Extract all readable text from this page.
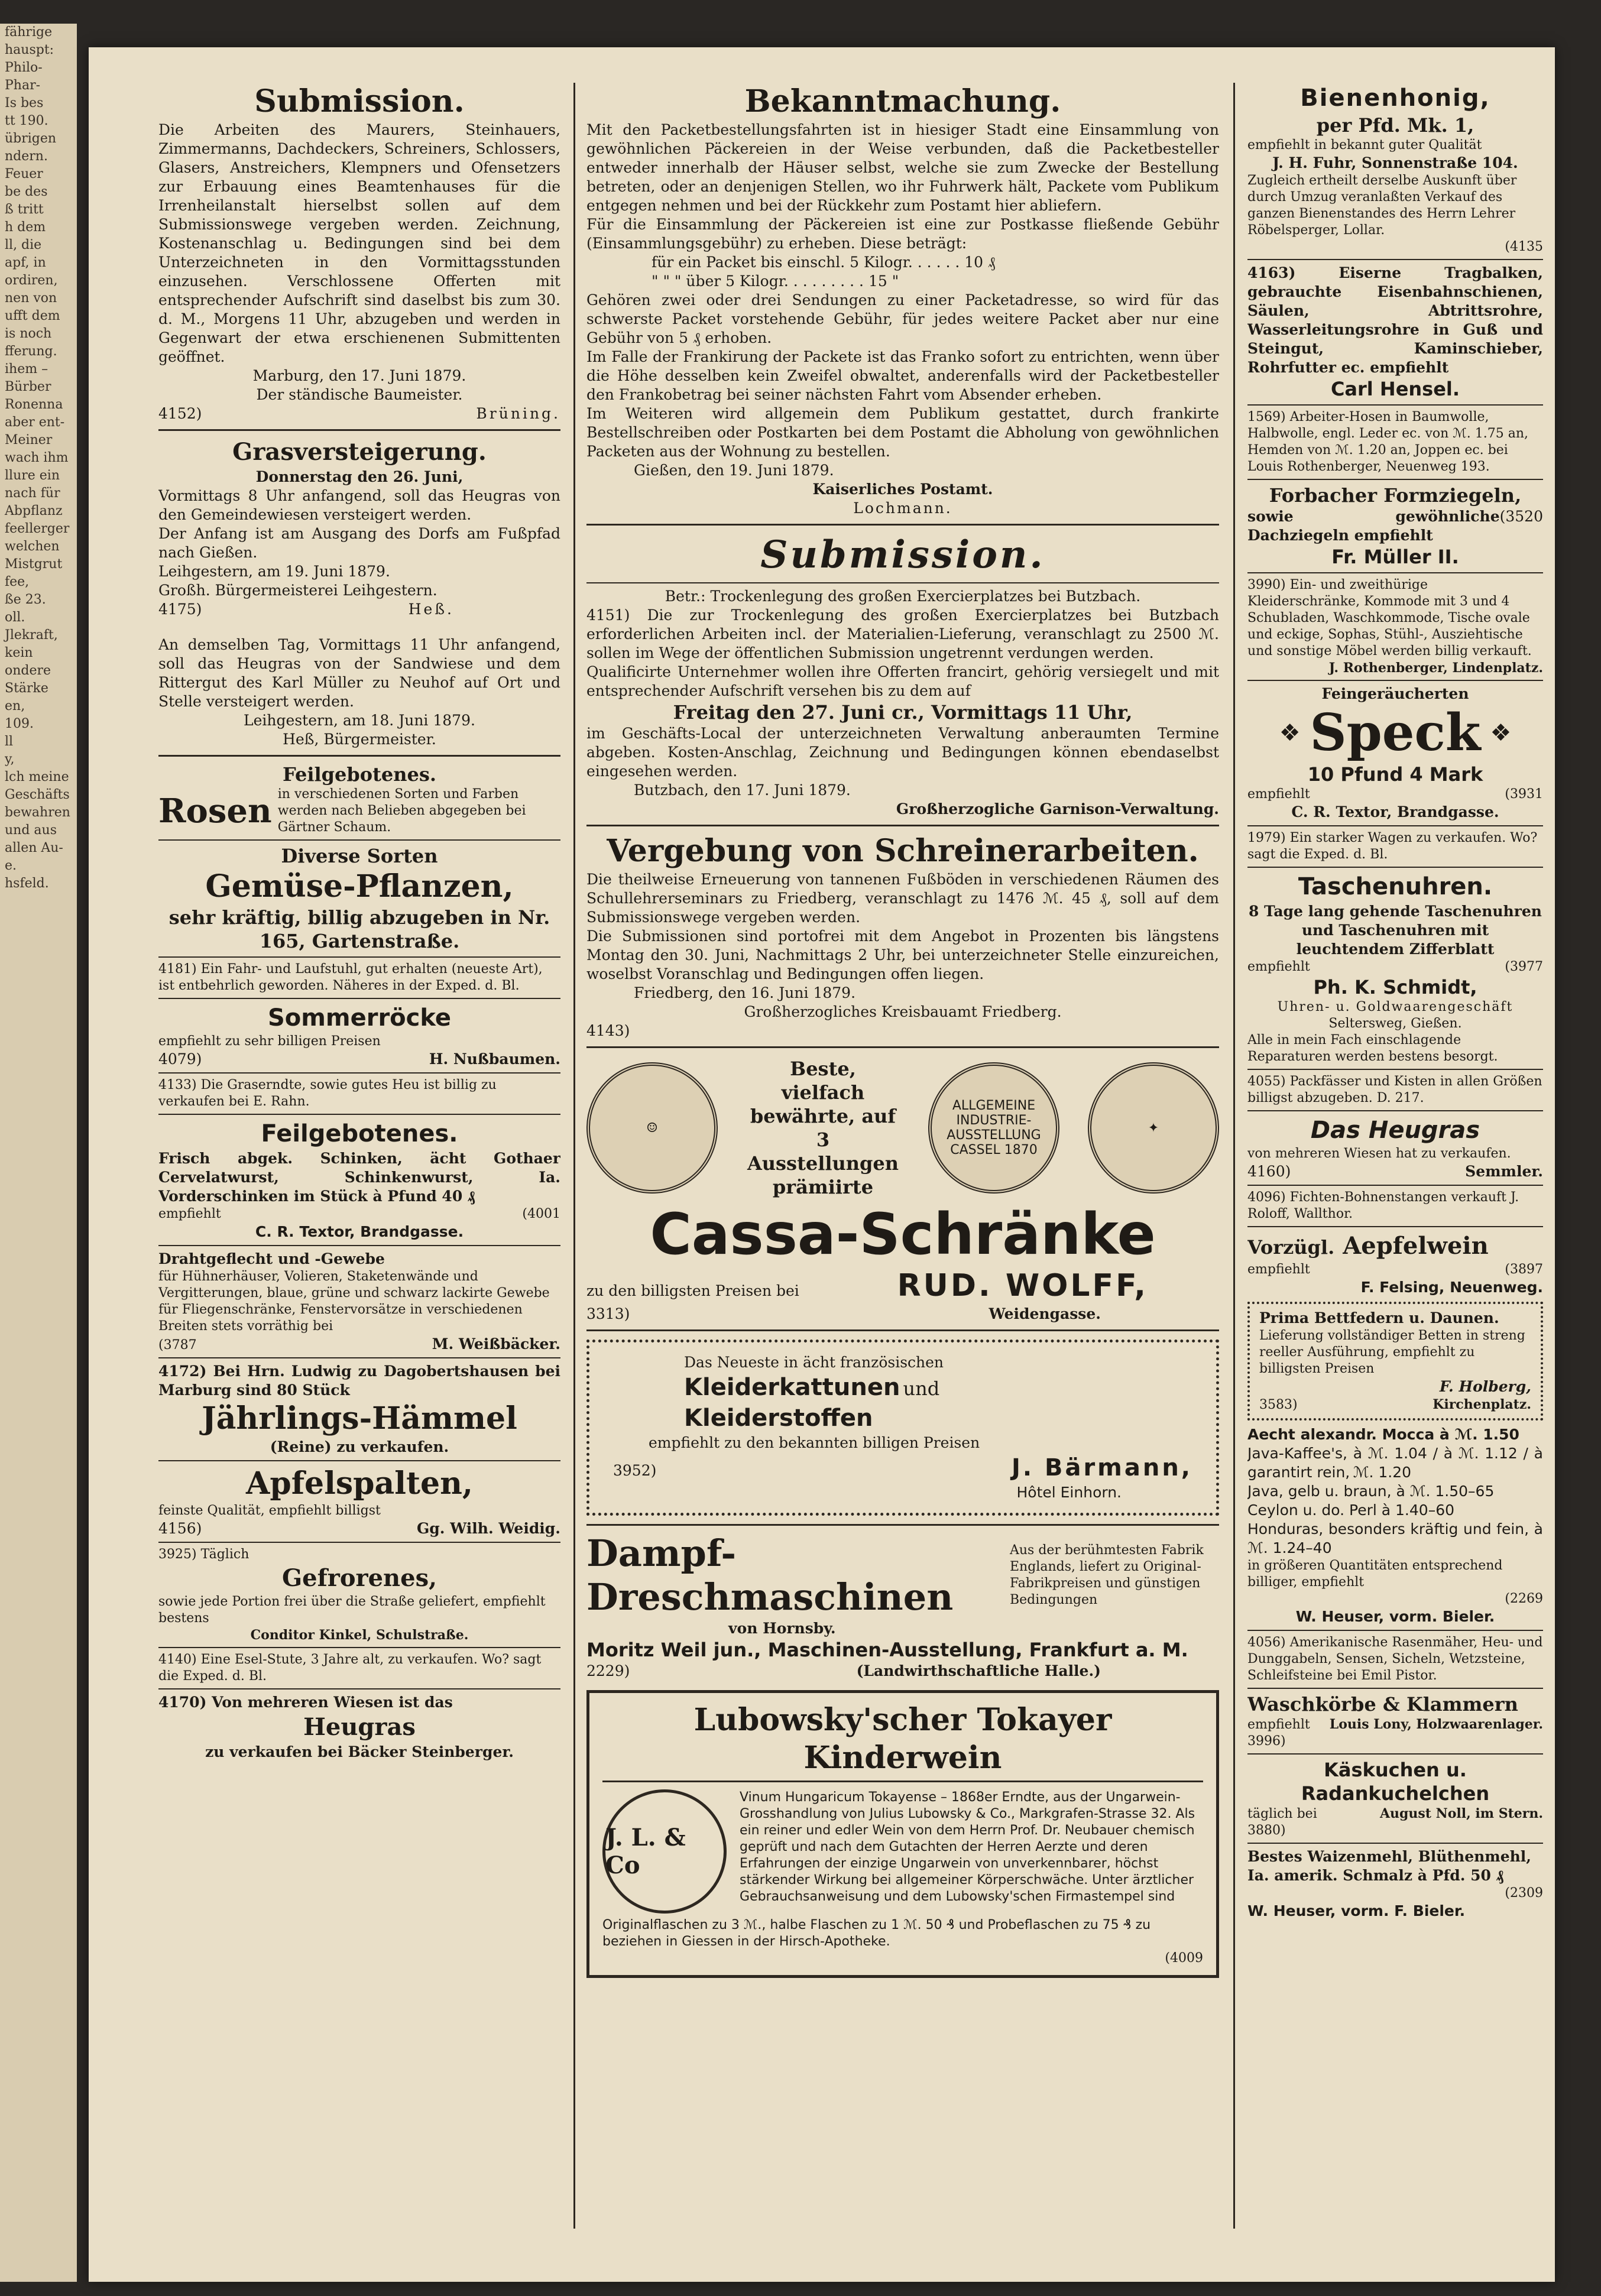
fährige
hauspt:
Philo-
Phar-
Is bes
tt 190.
übrigen
ndern.
Feuer
be des
ß tritt
h dem
ll, die
apf, in
ordiren,
nen von
ufft dem
is noch
fferung.
ihem –
Bürber
Ronenna
aber ent-
Meiner
wach ihm
llure ein
nach für
Abpflanz
feellerger
welchen
Mistgrut
fee,
ße 23.
oll.
Jlekraft,
kein
ondere
Stärke
en,
109.
ll
y,
lch meine
Geschäfts
bewahren
und aus
allen Au-
e.
hsfeld.

Submission.

Die Arbeiten des Maurers, Steinhauers, Zimmermanns, Dachdeckers, Schreiners, Schlossers, Glasers, Anstreichers, Klempners und Ofensetzers zur Erbauung eines Beamtenhauses für die Irrenheilanstalt hierselbst sollen auf dem Submissionswege vergeben werden. Zeichnung, Kostenanschlag u. Bedingungen sind bei dem Unterzeichneten in den Vormittagsstunden einzusehen. Verschlossene Offerten mit entsprechender Aufschrift sind daselbst bis zum 30. d. M., Morgens 11 Uhr, abzugeben und werden in Gegenwart der etwa erschienenen Submittenten geöffnet.

Marburg, den 17. Juni 1879.

Der ständische Baumeister.

4152)	Brüning.

Grasversteigerung.

Donnerstag den 26. Juni,

Vormittags 8 Uhr anfangend, soll das Heugras von den Gemeindewiesen versteigert werden.

Der Anfang ist am Ausgang des Dorfs am Fußpfad nach Gießen.

Leihgestern, am 19. Juni 1879.

Großh. Bürgermeisterei Leihgestern.

4175)	Heß.

An demselben Tag, Vormittags 11 Uhr anfangend, soll das Heugras von der Sandwiese und dem Rittergut des Karl Müller zu Neuhof auf Ort und Stelle versteigert werden.

Leihgestern, am 18. Juni 1879.

Heß, Bürgermeister.

Feilgebotenes.

Rosen in verschiedenen Sorten und Farben werden nach Belieben abgegeben bei Gärtner Schaum.

Diverse Sorten

Gemüse-Pflanzen,

sehr kräftig, billig abzugeben in Nr. 165, Gartenstraße.

4181) Ein Fahr- und Laufstuhl, gut erhalten (neueste Art), ist entbehrlich geworden. Näheres in der Exped. d. Bl.

Sommerröcke

empfiehlt zu sehr billigen Preisen

4079)	H. Nußbaumen.

4133) Die Graserndte, sowie gutes Heu ist billig zu verkaufen bei E. Rahn.

Feilgebotenes.

Frisch abgek. Schinken, ächt Gothaer Cervelatwurst, Schinkenwurst, Ia. Vorderschinken im Stück à Pfund 40 ₰

empfiehlt	(4001

C. R. Textor, Brandgasse.

Drahtgeflecht und -Gewebe

für Hühnerhäuser, Volieren, Staketenwände und Vergitterungen, blaue, grüne und schwarz lackirte Gewebe für Fliegenschränke, Fenstervorsätze in verschiedenen Breiten stets vorräthig bei

(3787	M. Weißbäcker.

4172) Bei Hrn. Ludwig zu Dagobertshausen bei Marburg sind 80 Stück

Jährlings-Hämmel

(Reine) zu verkaufen.

Apfelspalten,

feinste Qualität, empfiehlt billigst

4156)	Gg. Wilh. Weidig.

3925) Täglich

Gefrorenes,

sowie jede Portion frei über die Straße geliefert, empfiehlt bestens

Conditor Kinkel, Schulstraße.

4140) Eine Esel-Stute, 3 Jahre alt, zu verkaufen. Wo? sagt die Exped. d. Bl.

4170) Von mehreren Wiesen ist das

Heugras

zu verkaufen bei Bäcker Steinberger.

Bekanntmachung.

Mit den Packetbestellungsfahrten ist in hiesiger Stadt eine Einsammlung von gewöhnlichen Päckereien in der Weise verbunden, daß die Packetbesteller entweder innerhalb der Häuser selbst, welche sie zum Zwecke der Bestellung betreten, oder an denjenigen Stellen, wo ihr Fuhrwerk hält, Packete vom Publikum entgegen nehmen und bei der Rückkehr zum Postamt hier abliefern.

Für die Einsammlung der Päckereien ist eine zur Postkasse fließende Gebühr (Einsammlungsgebühr) zu erheben. Diese beträgt:

für ein Packet bis einschl. 5 Kilogr. . . . . . 10 ₰

" " " über 5 Kilogr. . . . . . . . . 15 "

Gehören zwei oder drei Sendungen zu einer Packetadresse, so wird für das schwerste Packet vorstehende Gebühr, für jedes weitere Packet aber nur eine Gebühr von 5 ₰ erhoben.

Im Falle der Frankirung der Packete ist das Franko sofort zu entrichten, wenn über die Höhe desselben kein Zweifel obwaltet, anderenfalls wird der Packetbesteller den Frankobetrag bei seiner nächsten Fahrt vom Absender erheben.

Im Weiteren wird allgemein dem Publikum gestattet, durch frankirte Bestellschreiben oder Postkarten bei dem Postamt die Abholung von gewöhnlichen Packeten aus der Wohnung zu bestellen.

Gießen, den 19. Juni 1879.

Kaiserliches Postamt.

Lochmann.

Submission.

Betr.: Trockenlegung des großen Exercierplatzes bei Butzbach.

4151) Die zur Trockenlegung des großen Exercierplatzes bei Butzbach erforderlichen Arbeiten incl. der Materialien-Lieferung, veranschlagt zu 2500 ℳ. sollen im Wege der öffentlichen Submission ungetrennt verdungen werden.

Qualificirte Unternehmer wollen ihre Offerten francirt, gehörig versiegelt und mit entsprechender Aufschrift versehen bis zu dem auf

Freitag den 27. Juni cr., Vormittags 11 Uhr,

im Geschäfts-Local der unterzeichneten Verwaltung anberaumten Termine abgeben. Kosten-Anschlag, Zeichnung und Bedingungen können ebendaselbst eingesehen werden.

Butzbach, den 17. Juni 1879.

Großherzogliche Garnison-Verwaltung.

Vergebung von Schreinerarbeiten.

Die theilweise Erneuerung von tannenen Fußböden in verschiedenen Räumen des Schullehrerseminars zu Friedberg, veranschlagt zu 1476 ℳ. 45 ₰, soll auf dem Submissionswege vergeben werden.

Die Submissionen sind portofrei mit dem Angebot in Prozenten bis längstens Montag den 30. Juni, Nachmittags 2 Uhr, bei unterzeichneter Stelle einzureichen, woselbst Voranschlag und Bedingungen offen liegen.

Friedberg, den 16. Juni 1879.

Großherzogliches Kreisbauamt Friedberg.

4143)

☺

Beste, vielfach bewährte, auf 3 Ausstellungen prämiirte

ALLGEMEINE INDUSTRIE-AUSSTELLUNG CASSEL 1870
✦

Cassa-Schränke

zu den billigsten Preisen bei	RUD. WOLFF,
3313)	Weidengasse.

Das Neueste in ächt französischen

Kleiderkattunen und

Kleiderstoffen

empfiehlt zu den bekannten billigen Preisen

3952)	J. Bärmann,

Hôtel Einhorn.

Dampf-Dreschmaschinen

Aus der berühmtesten Fabrik Englands, liefert zu Original-Fabrikpreisen und günstigen Bedingungen

von Hornsby.

Moritz Weil jun., Maschinen-Ausstellung, Frankfurt a. M.

2229)	(Landwirthschaftliche Halle.)

Lubowsky'scher Tokayer Kinderwein

J. L. & Co

Vinum Hungaricum Tokayense – 1868er Erndte, aus der Ungarwein-Grosshandlung von Julius Lubowsky & Co., Markgrafen-Strasse 32. Als ein reiner und edler Wein von dem Herrn Prof. Dr. Neubauer chemisch geprüft und nach dem Gutachten der Herren Aerzte und deren Erfahrungen der einzige Ungarwein von unverkennbarer, höchst stärkender Wirkung bei allgemeiner Körperschwäche. Unter ärztlicher Gebrauchsanweisung und dem Lubowsky'schen Firmastempel sind

Originalflaschen zu 3 ℳ., halbe Flaschen zu 1 ℳ. 50 ₰ und Probeflaschen zu 75 ₰ zu beziehen in Giessen in der Hirsch-Apotheke.

(4009

Bienenhonig,

per Pfd. Mk. 1,

empfiehlt in bekannt guter Qualität

J. H. Fuhr, Sonnenstraße 104.

Zugleich ertheilt derselbe Auskunft über durch Umzug veranlaßten Verkauf des ganzen Bienenstandes des Herrn Lehrer Röbelsperger, Lollar.

(4135

4163) Eiserne Tragbalken, gebrauchte Eisenbahnschienen, Säulen, Abtrittsrohre, Wasserleitungsrohre in Guß und Steingut, Kaminschieber, Rohrfutter ec. empfiehlt

Carl Hensel.

1569) Arbeiter-Hosen in Baumwolle, Halbwolle, engl. Leder ec. von ℳ. 1.75 an, Hemden von ℳ. 1.20 an, Joppen ec. bei Louis Rothenberger, Neuenweg 193.

Forbacher Formziegeln,

sowie gewöhnliche Dachziegeln empfiehlt
(3520

Fr. Müller II.

3990) Ein- und zweithürige Kleiderschränke, Kommode mit 3 und 4 Schubladen, Waschkommode, Tische ovale und eckige, Sophas, Stühl-, Ausziehtische und sonstige Möbel werden billig verkauft.

J. Rothenberger, Lindenplatz.

Feingeräucherten

❖ Speck ❖

10 Pfund 4 Mark

empfiehlt	(3931

C. R. Textor, Brandgasse.

1979) Ein starker Wagen zu verkaufen. Wo? sagt die Exped. d. Bl.

Taschenuhren.

8 Tage lang gehende Taschenuhren und Taschenuhren mit leuchtendem Zifferblatt

empfiehlt	(3977

Ph. K. Schmidt,

Uhren- u. Goldwaarengeschäft

Seltersweg, Gießen.

Alle in mein Fach einschlagende Reparaturen werden bestens besorgt.

4055) Packfässer und Kisten in allen Größen billigst abzugeben. D. 217.

Das Heugras

von mehreren Wiesen hat zu verkaufen.

4160)	Semmler.

4096) Fichten-Bohnenstangen verkauft J. Roloff, Wallthor.

Vorzügl. Aepfelwein
empfiehlt	(3897

F. Felsing, Neuenweg.

Prima Bettfedern u. Daunen.

Lieferung vollständiger Betten in streng reeller Ausführung, empfiehlt zu billigsten Preisen

F. Holberg,

3583)	Kirchenplatz.

Aecht alexandr. Mocca à ℳ. 1.50

Java-Kaffee's, garantirt rein,
à ℳ. 1.04 / à ℳ. 1.12 / à ℳ. 1.20

Java, gelb u. braun, à ℳ. 1.50–65

Ceylon u. do. Perl à 1.40–60

Honduras, besonders kräftig und fein, à ℳ. 1.24–40

in größeren Quantitäten entsprechend billiger, empfiehlt

(2269

W. Heuser, vorm. Bieler.

4056) Amerikanische Rasenmäher, Heu- und Dunggabeln, Sensen, Sicheln, Wetzsteine, Schleifsteine bei Emil Pistor.

Waschkörbe & Klammern

empfiehlt Louis Lony, Holzwaarenlager.

3996)

Käskuchen u. Radankuchelchen

täglich bei	August Noll, im Stern.

3880)

Bestes Waizenmehl, Blüthenmehl,

Ia. amerik. Schmalz à Pfd. 50 ₰

(2309

W. Heuser, vorm. F. Bieler.
